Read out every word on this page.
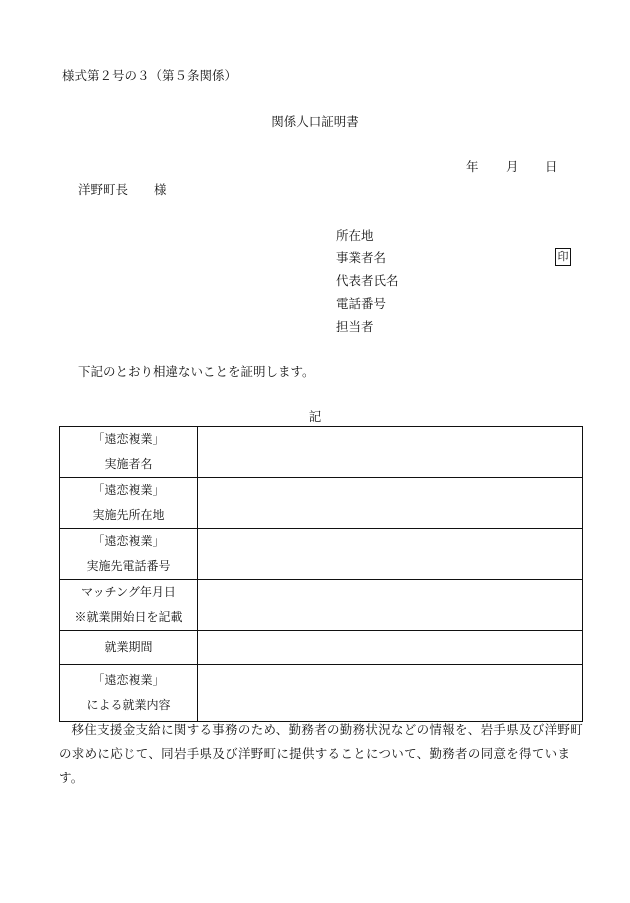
様式第２号の３（第５条関係）
関係人口証明書
年 月 日
洋野町長 様
所在地
事業者名	印
代表者氏名
電話番号
担当者
下記のとおり相違ないことを証明します。
記
「遠恋複業」
実施者名	

「遠恋複業」
実施先所在地	

「遠恋複業」
実施先電話番号	

マッチング年月日
※就業開始日を記載	

就業期間	

「遠恋複業」
による就業内容	

移住支援金支給に関する事務のため、勤務者の勤務状況などの情報を、岩手県及び洋野町の求めに応じて、同岩手県及び洋野町に提供することについて、勤務者の同意を得ています。
